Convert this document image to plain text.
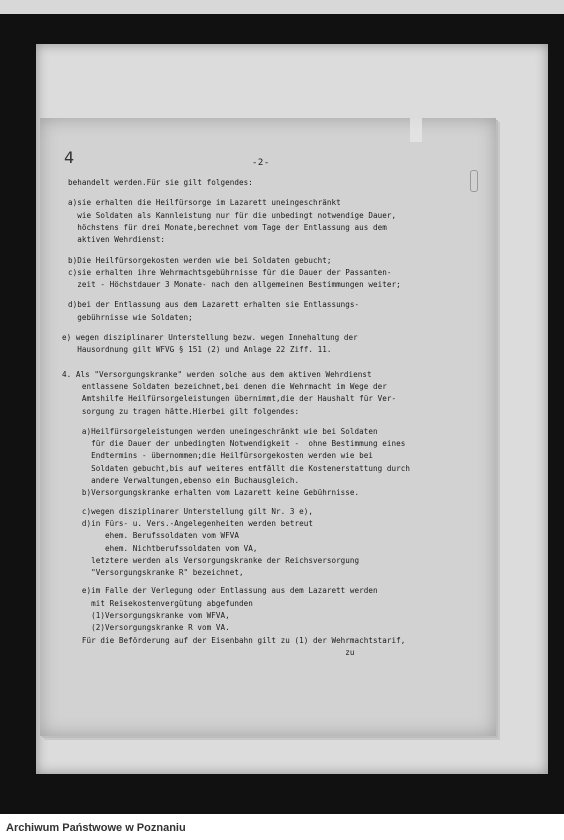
4	-2-
behandelt werden.Für sie gilt folgendes:
a)sie erhalten die Heilfürsorge im Lazarett uneingeschränkt
wie Soldaten als Kannleistung nur für die unbedingt notwendige Dauer,
höchstens für drei Monate,berechnet vom Tage der Entlassung aus dem
aktiven Wehrdienst:
b)Die Heilfürsorgekosten werden wie bei Soldaten gebucht;
c)sie erhalten ihre Wehrmachtsgebührnisse für die Dauer der Passanten-
zeit - Höchstdauer 3 Monate- nach den allgemeinen Bestimmungen weiter;
d)bei der Entlassung aus dem Lazarett erhalten sie Entlassungs-
gebührnisse wie Soldaten;
e) wegen disziplinarer Unterstellung bezw. wegen Innehaltung der
Hausordnung gilt WFVG § 151 (2) und Anlage 22 Ziff. 11.
4. Als "Versorgungskranke" werden solche aus dem aktiven Wehrdienst
entlassene Soldaten bezeichnet,bei denen die Wehrmacht im Wege der
Amtshilfe Heilfürsorgeleistungen übernimmt,die der Haushalt für Ver-
sorgung zu tragen hätte.Hierbei gilt folgendes:
a)Heilfürsorgeleistungen werden uneingeschränkt wie bei Soldaten
für die Dauer der unbedingten Notwendigkeit -  ohne Bestimmung eines
Endtermins - übernommen;die Heilfürsorgekosten werden wie bei
Soldaten gebucht,bis auf weiteres entfällt die Kostenerstattung durch
andere Verwaltungen,ebenso ein Buchausgleich.
b)Versorgungskranke erhalten vom Lazarett keine Gebührnisse.
c)wegen disziplinarer Unterstellung gilt Nr. 3 e),
d)in Fürs- u. Vers.-Angelegenheiten werden betreut
ehem. Berufssoldaten vom WFVA
ehem. Nichtberufssoldaten vom VA,
letztere werden als Versorgungskranke der Reichsversorgung
"Versorgungskranke R" bezeichnet,
e)im Falle der Verlegung oder Entlassung aus dem Lazarett werden
mit Reisekostenvergütung abgefunden
(1)Versorgungskranke vom WFVA,
(2)Versorgungskranke R vom VA.
Für die Beförderung auf der Eisenbahn gilt zu (1) der Wehrmachtstarif,
zu
Archiwum Państwowe w Poznaniu
